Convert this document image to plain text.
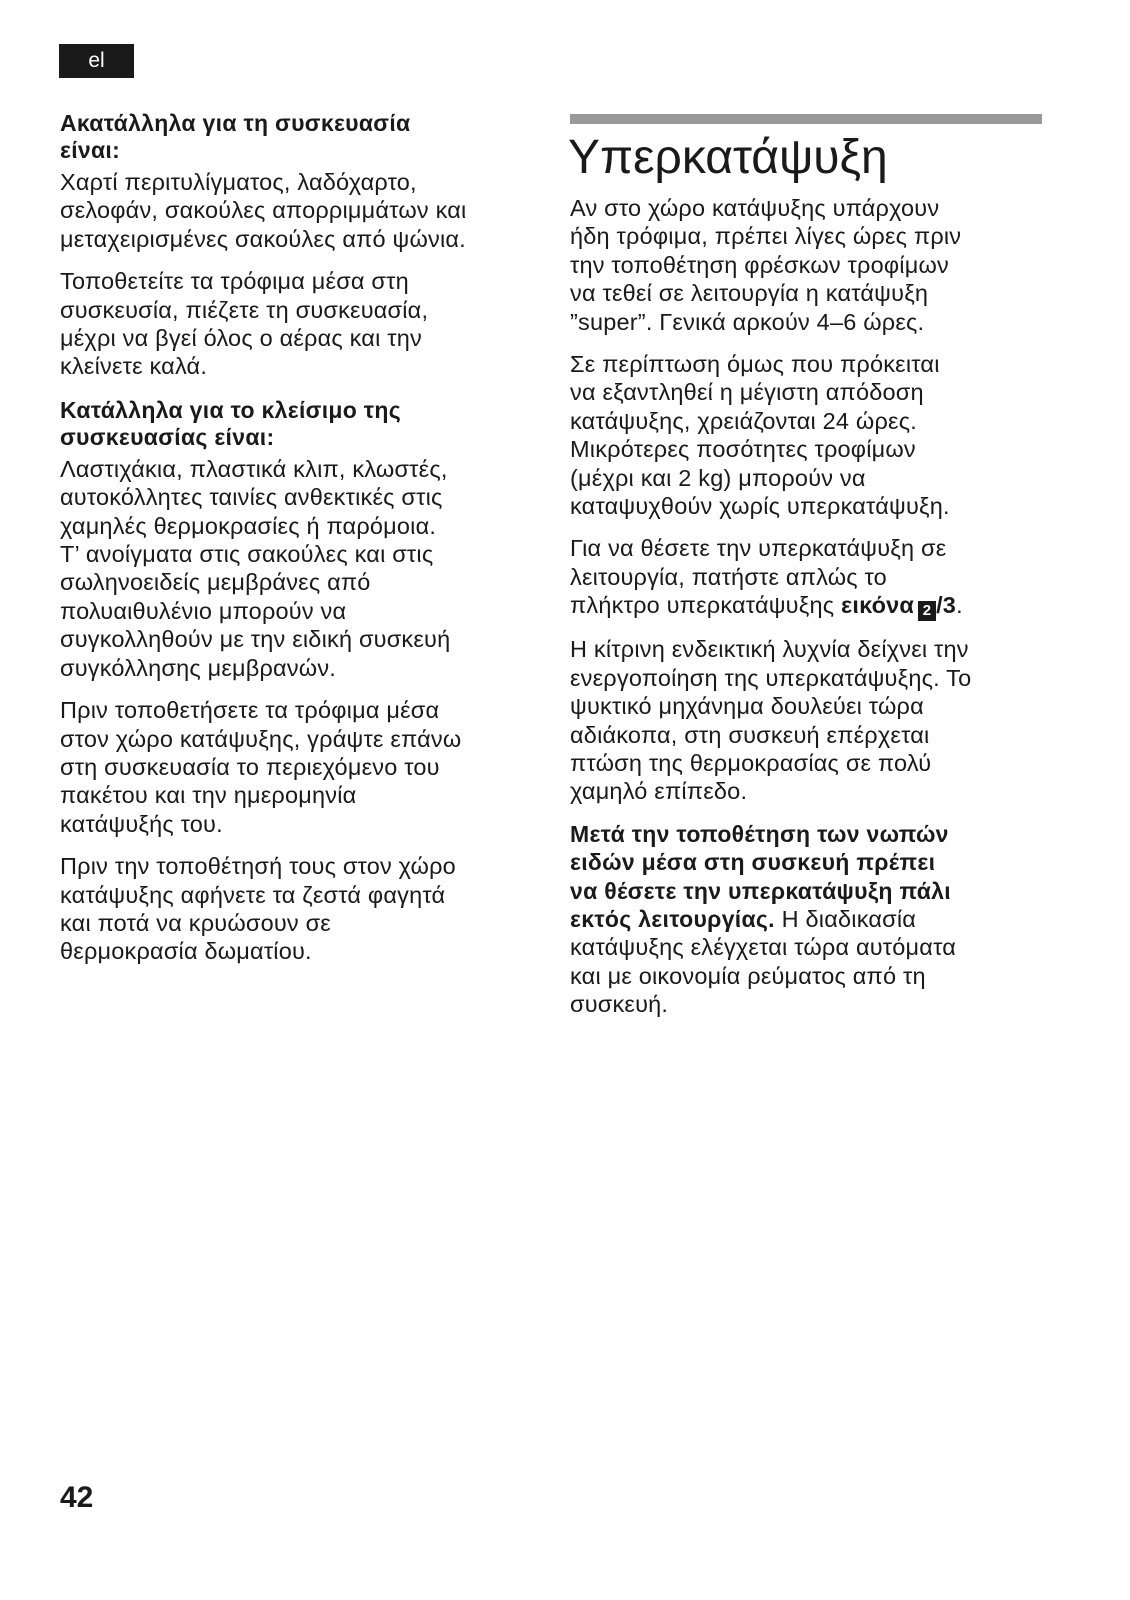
el

Ακατάλληλα για τη συσκευασία
είναι:

Χαρτί περιτυλίγματος, λαδόχαρτο,
σελοφάν, σακούλες απορριμμάτων και
μεταχειρισμένες σακούλες από ψώνια.

Τοποθετείτε τα τρόφιμα μέσα στη
συσκευσία, πιέζετε τη συσκευασία,
μέχρι να βγεί όλος ο αέρας και την
κλείνετε καλά.

Κατάλληλα για το κλείσιμο της
συσκευασίας είναι:

Λαστιχάκια, πλαστικά κλιπ, κλωστές,
αυτοκόλλητες ταινίες ανθεκτικές στις
χαμηλές θερμοκρασίες ή παρόμοια.
Τ’ ανοίγματα στις σακούλες και στις
σωληνοειδείς μεμβράνες από
πολυαιθυλένιο μπορούν να
συγκολληθούν με την ειδική συσκευή
συγκόλλησης μεμβρανών.

Πριν τοποθετήσετε τα τρόφιμα μέσα
στον χώρο κατάψυξης, γράψτε επάνω
στη συσκευασία το περιεχόμενο του
πακέτου και την ημερομηνία
κατάψυξής του.

Πριν την τοποθέτησή τους στον χώρο
κατάψυξης αφήνετε τα ζεστά φαγητά
και ποτά να κρυώσουν σε
θερμοκρασία δωματίου.

Υπερκατάψυξη

Αν στο χώρο κατάψυξης υπάρχουν
ήδη τρόφιμα, πρέπει λίγες ώρες πριν
την τοποθέτηση φρέσκων τροφίμων
να τεθεί σε λειτουργία η κατάψυξη
”super”. Γενικά αρκούν 4–6 ώρες.

Σε περίπτωση όμως που πρόκειται
να εξαντληθεί η μέγιστη απόδοση
κατάψυξης, χρειάζονται 24 ώρες.
Μικρότερες ποσότητες τροφίμων
(μέχρι και 2 kg) μπορούν να
καταψυχθούν χωρίς υπερκατάψυξη.

Για να θέσετε την υπερκατάψυξη σε
λειτουργία, πατήστε απλώς το
πλήκτρο υπερκατάψυξης εικόνα 2 /3.

Η κίτρινη ενδεικτική λυχνία δείχνει την
ενεργοποίηση της υπερκατάψυξης. Το
ψυκτικό μηχάνημα δουλεύει τώρα
αδιάκοπα, στη συσκευή επέρχεται
πτώση της θερμοκρασίας σε πολύ
χαμηλό επίπεδο.

Μετά την τοποθέτηση των νωπών
ειδών μέσα στη συσκευή πρέπει
να θέσετε την υπερκατάψυξη πάλι
εκτός λειτουργίας. Η διαδικασία
κατάψυξης ελέγχεται τώρα αυτόματα
και με οικονομία ρεύματος από τη
συσκευή.

42
